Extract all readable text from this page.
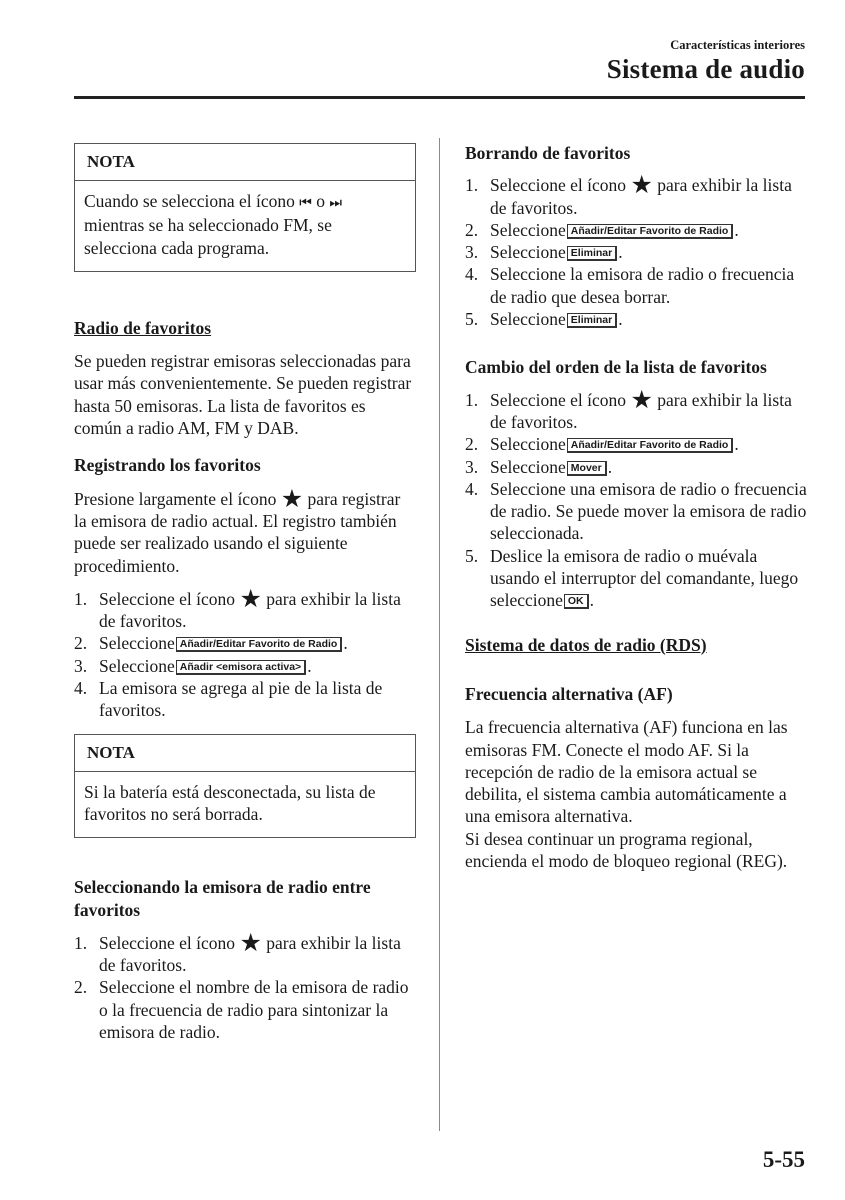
Características interiores
Sistema de audio
NOTA
Cuando se selecciona el ícono ⏮ o ⏭ mientras se ha seleccionado FM, se selecciona cada programa.
Radio de favoritos

Se pueden registrar emisoras seleccionadas para usar más convenientemente. Se pueden registrar hasta 50 emisoras. La lista de favoritos es común a radio AM, FM y DAB.

Registrando los favoritos

Presione largamente el ícono ★ para registrar la emisora de radio actual. El registro también puede ser realizado usando el siguiente procedimiento.

1. Seleccione el ícono ★ para exhibir la lista de favoritos.
2. Seleccione Añadir/Editar Favorito de Radio .
3. Seleccione Añadir <emisora activa> .
4. La emisora se agrega al pie de la lista de favoritos.
NOTA
Si la batería está desconectada, su lista de favoritos no será borrada.
Seleccionando la emisora de radio entre favoritos
1. Seleccione el ícono ★ para exhibir la lista de favoritos.
2. Seleccione el nombre de la emisora de radio o la frecuencia de radio para sintonizar la emisora de radio.
Borrando de favoritos
1. Seleccione el ícono ★ para exhibir la lista de favoritos.
2. Seleccione Añadir/Editar Favorito de Radio .
3. Seleccione Eliminar .
4. Seleccione la emisora de radio o frecuencia de radio que desea borrar.
5. Seleccione Eliminar .
Cambio del orden de la lista de favoritos
1. Seleccione el ícono ★ para exhibir la lista de favoritos.
2. Seleccione Añadir/Editar Favorito de Radio .
3. Seleccione Mover .
4. Seleccione una emisora de radio o frecuencia de radio. Se puede mover la emisora de radio seleccionada.
5. Deslice la emisora de radio o muévala usando el interruptor del comandante, luego seleccione OK .
Sistema de datos de radio (RDS)
Frecuencia alternativa (AF)

La frecuencia alternativa (AF) funciona en las emisoras FM. Conecte el modo AF. Si la recepción de radio de la emisora actual se debilita, el sistema cambia automáticamente a una emisora alternativa.

Si desea continuar un programa regional, encienda el modo de bloqueo regional (REG).

5-55
